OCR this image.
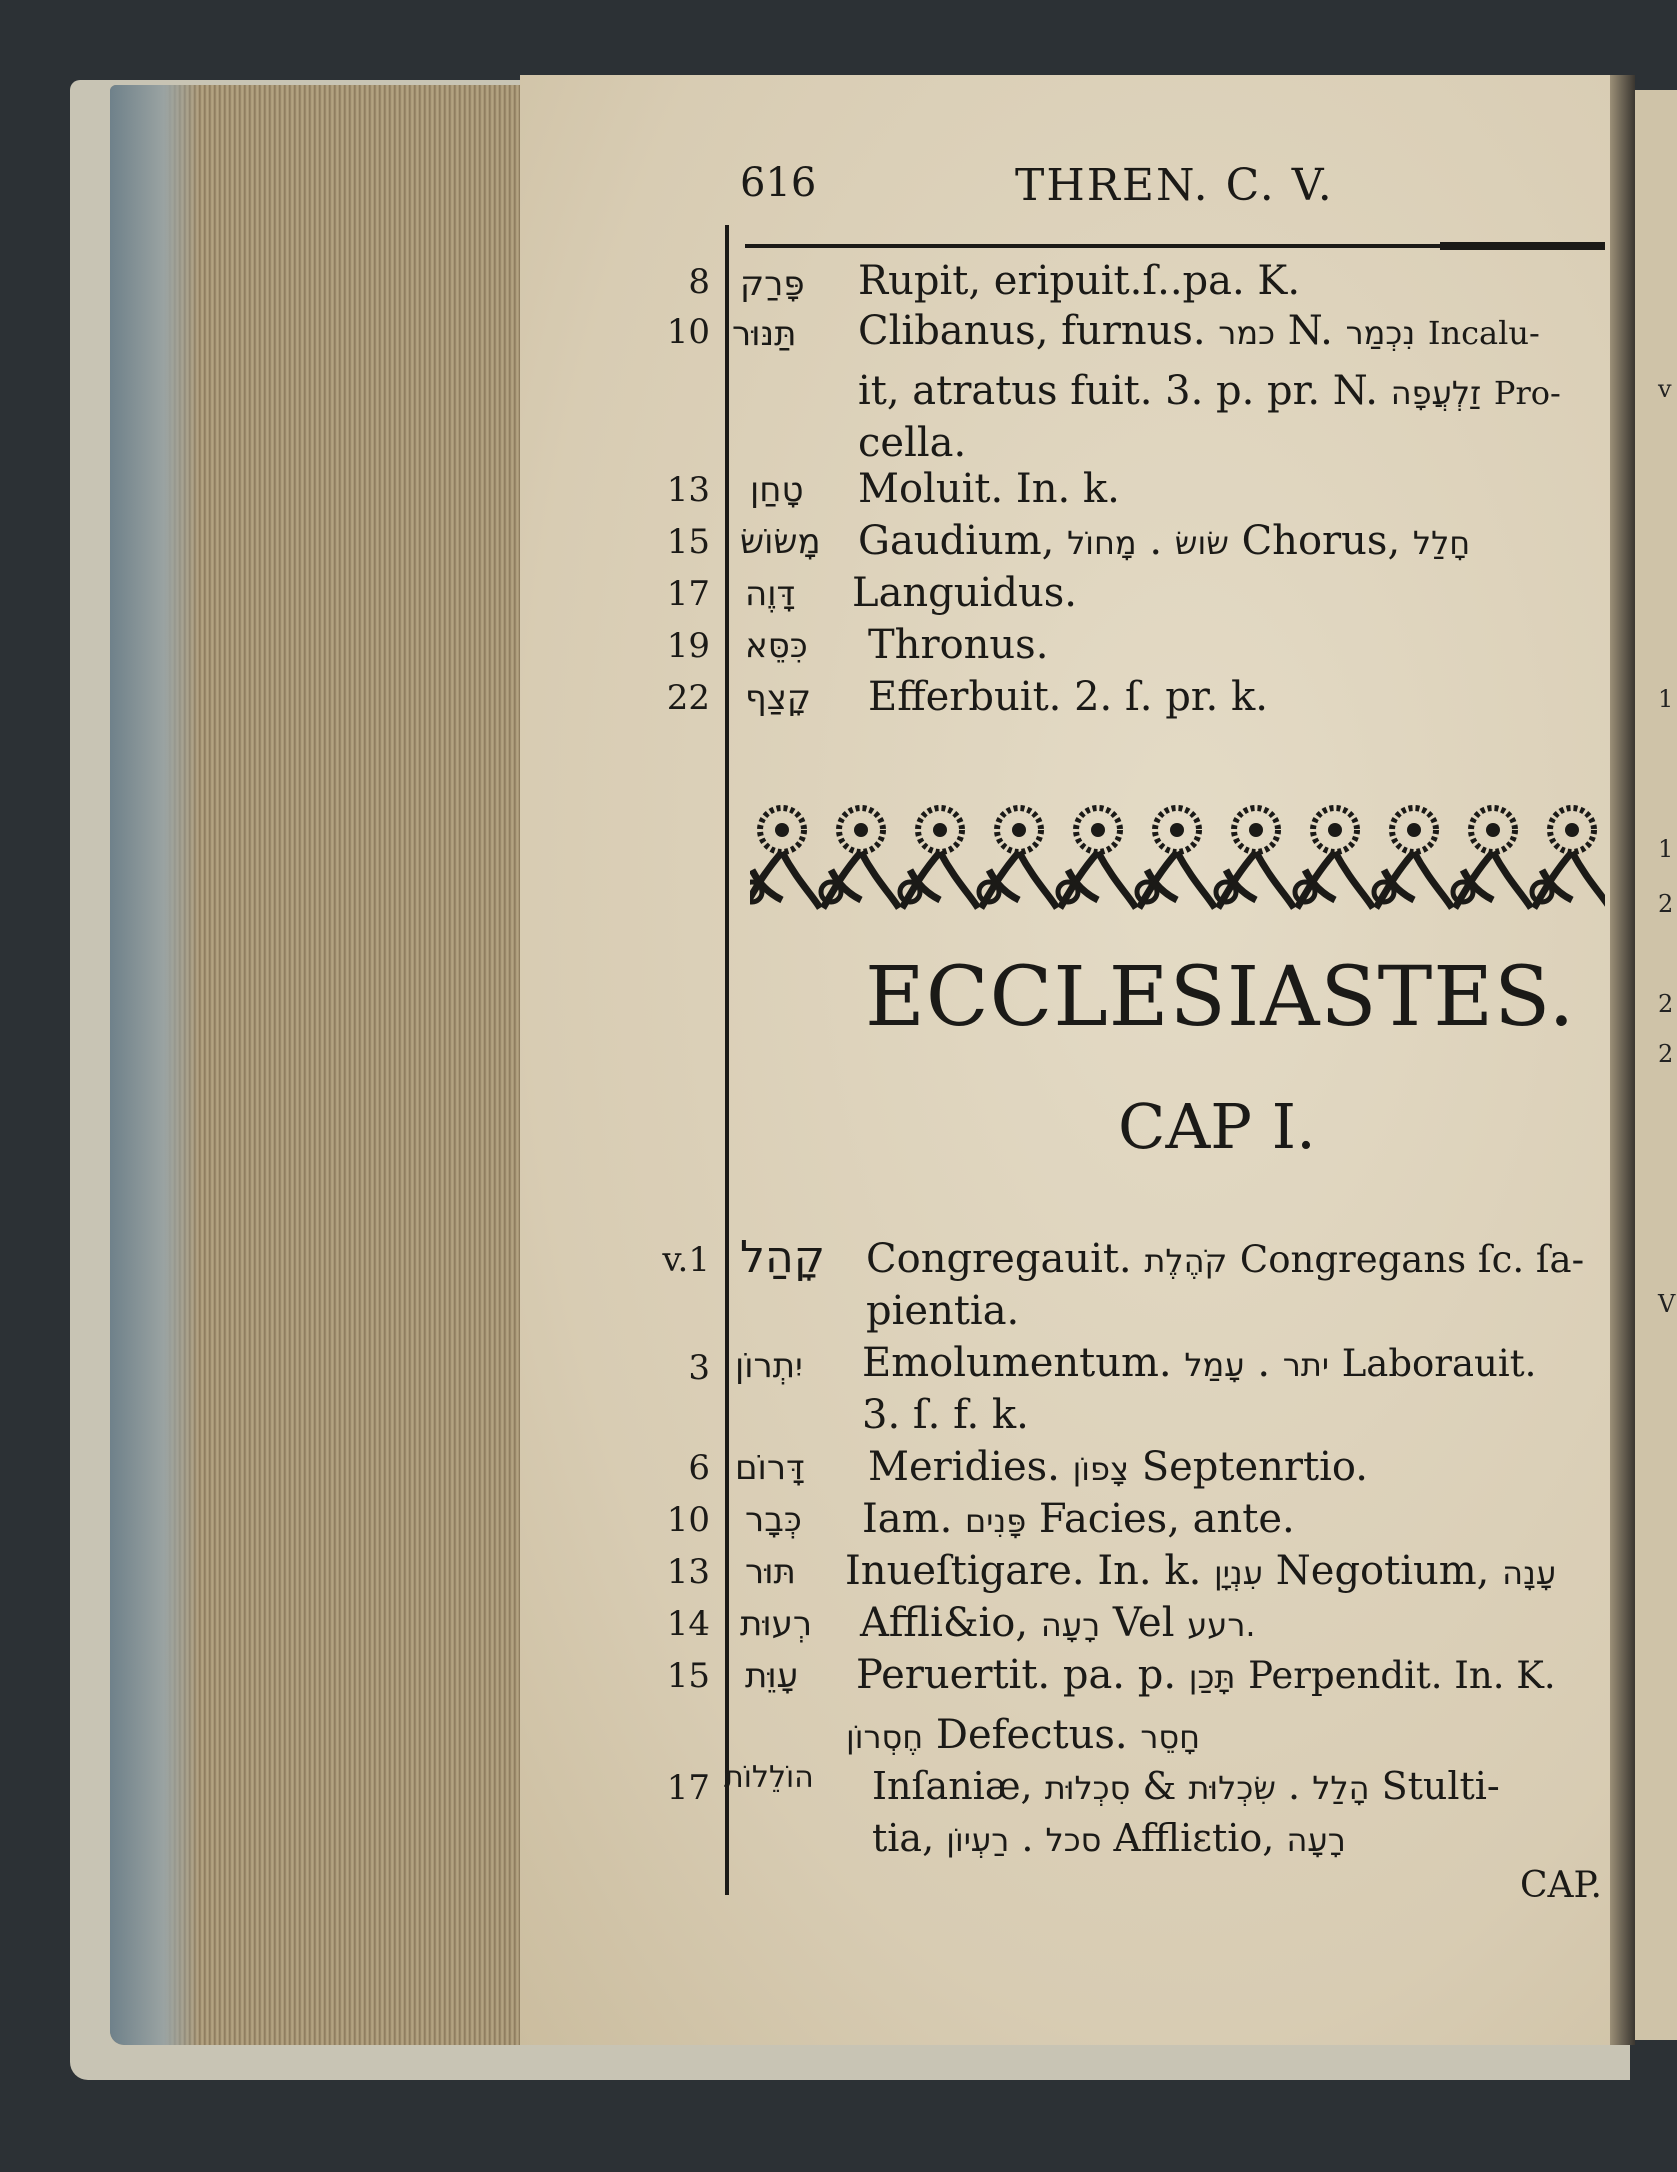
v
1
1
2
2
2
V
616	THREN. C. V.
8 פָּרַק Rupit, eripuit.ſ..pa. K.
10 תַּנּוּר Clibanus, furnus. כמר N. נִכְמַר Incalu-
it, atratus fuit. 3. p. pr. N. זַלְעֲפָה Pro-
cella.
13 טָחַן Moluit. In. k.
15 מָשׂוֹשׂ Gaudium,	שׂושׂ . מָחוֹל	Chorus, חָלַל
17 דָּוֶה Languidus.
19 כִּסֵּא Thronus.
22 קָצַף Efferbuit. 2. ſ. pr. k.
ECCLESIASTES.
CAP I.
v.1 קָהַל Congregauit. קֹהֶלֶת Congregans ſc. ſa-
pientia.
3 יִתְרוֹן Emolumentum.	יתר . עָמַל	Laborauit.
3. ſ. f. k.
6 דָּרוֹם Meridies. צָפוֹן Septenrtio.
10 כְּבָר Iam. פָּנִים Facies, ante.
13 תּוּר Inueſtigare. In. k. עִנְיָן Negotium, עָנָה
14 רְעוּת Affli&io, רָעָה Vel רעע.
15 עָוֵּת Peruertit. pa. p. תָּכַן Perpendit. In. K.
חֶסְרוֹן Defectus. חָסֵר
17 הוֹלֵלוֹת Inſaniæ,	הָלַל . שִׂכְלוּת & סִכְלוּת	Stulti-
tia,	סכל . רַעְיוֹן	Affliɛtio, רָעָה
CAP.
